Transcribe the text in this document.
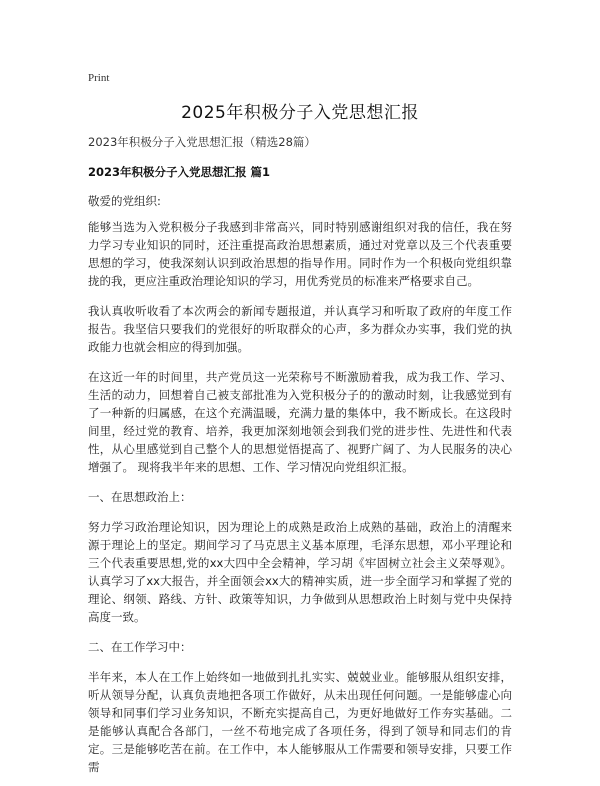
Print
2025年积极分子入党思想汇报

2023年积极分子入党思想汇报（精选28篇）

2023年积极分子入党思想汇报 篇1

敬爱的党组织:

能够当选为入党积极分子我感到非常高兴，同时特别感谢组织对我的信任，我在努力学习专业知识的同时，还注重提高政治思想素质，通过对党章以及三个代表重要思想的学习，使我深刻认识到政治思想的指导作用。同时作为一个积极向党组织靠拢的我，更应注重政治理论知识的学习，用优秀党员的标准来严格要求自己。

我认真收听收看了本次两会的新闻专题报道，并认真学习和听取了政府的年度工作报告。我坚信只要我们的党很好的听取群众的心声，多为群众办实事，我们党的执政能力也就会相应的得到加强。

在这近一年的时间里，共产党员这一光荣称号不断激励着我，成为我工作、学习、生活的动力，回想着自己被支部批准为入党积极分子的的激动时刻，让我感觉到有了一种新的归属感，在这个充满温暖，充满力量的集体中，我不断成长。在这段时间里，经过党的教育、培养，我更加深刻地领会到我们党的进步性、先进性和代表性，从心里感觉到自己整个人的思想觉悟提高了、视野广阔了、为人民服务的决心增强了。 现将我半年来的思想、工作、学习情况向党组织汇报。

一、在思想政治上：

努力学习政治理论知识，因为理论上的成熟是政治上成熟的基础，政治上的清醒来源于理论上的坚定。期间学习了马克思主义基本原理，毛泽东思想，邓小平理论和三个代表重要思想,党的xx大四中全会精神，学习胡《牢固树立社会主义荣辱观》。认真学习了xx大报告，并全面领会xx大的精神实质，进一步全面学习和掌握了党的理论、纲领、路线、方针、政策等知识，力争做到从思想政治上时刻与党中央保持高度一致。

二、在工作学习中：

半年来，本人在工作上始终如一地做到扎扎实实、兢兢业业。能够服从组织安排，听从领导分配，认真负责地把各项工作做好，从未出现任何问题。一是能够虚心向领导和同事们学习业务知识，不断充实提高自己，为更好地做好工作夯实基础。二是能够认真配合各部门，一丝不苟地完成了各项任务，得到了领导和同志们的肯定。三是能够吃苦在前。在工作中，本人能够服从工作需要和领导安排，只要工作需
